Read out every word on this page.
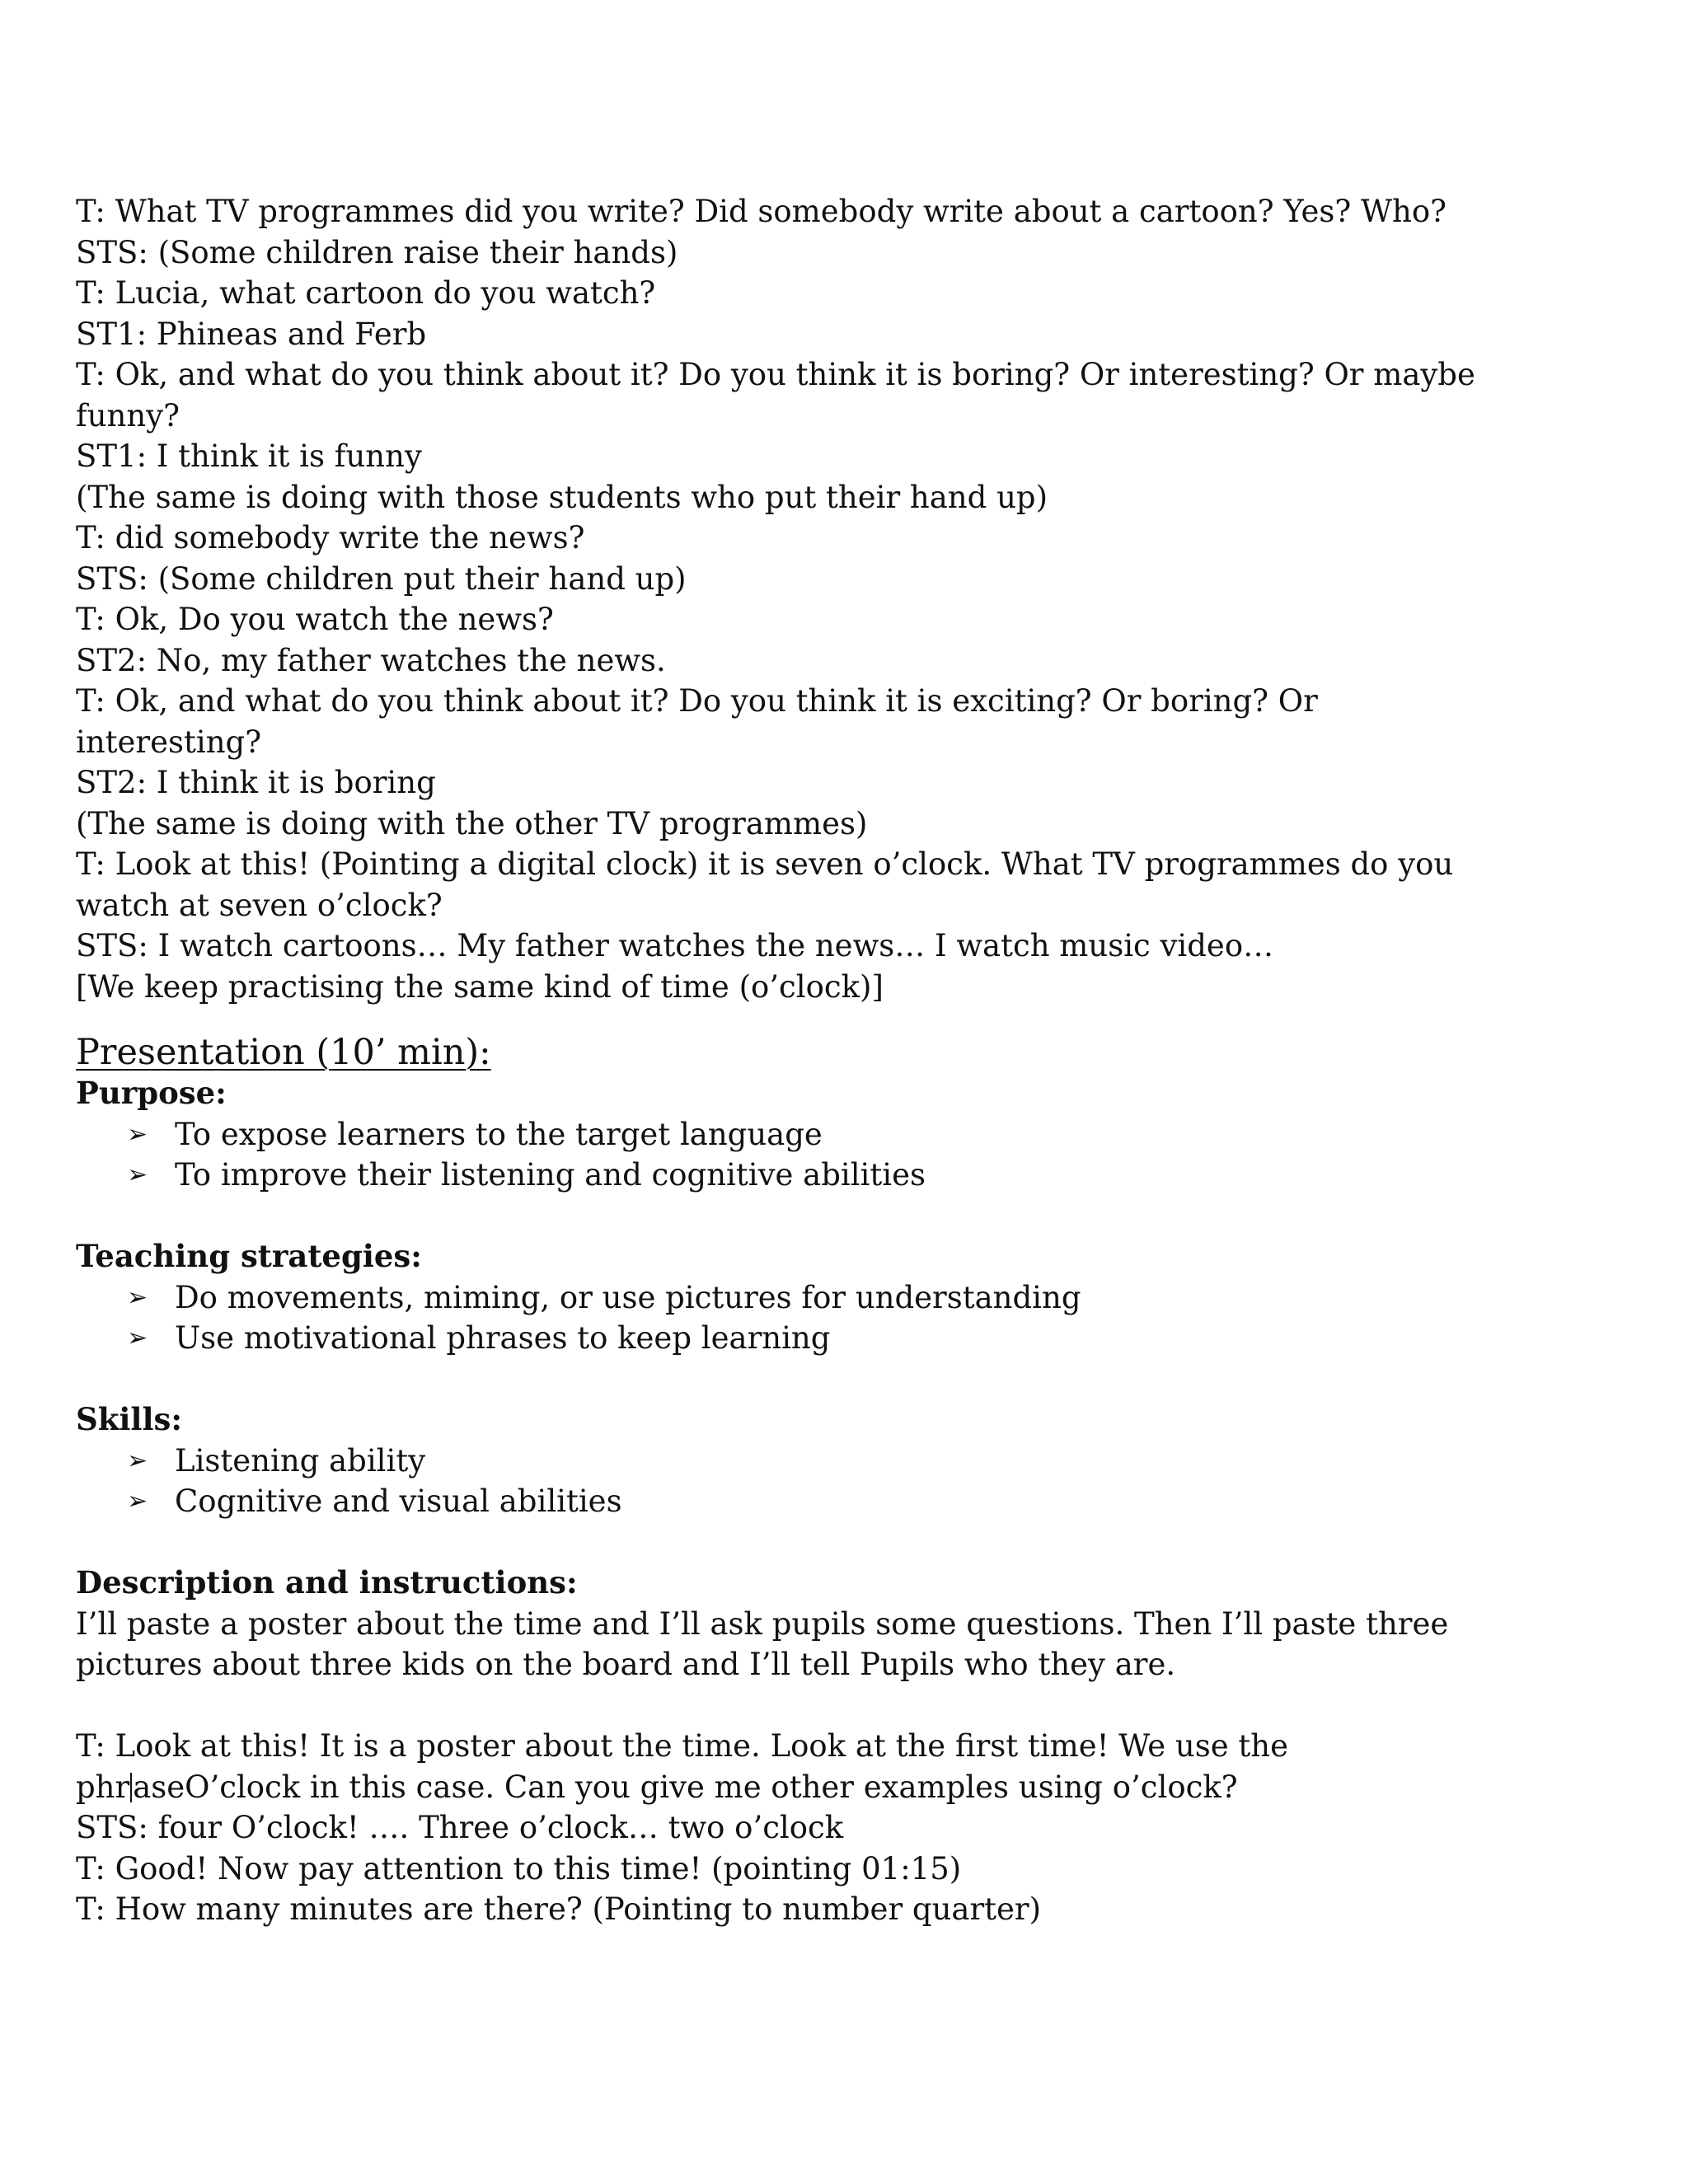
T: What TV programmes did you write? Did somebody write about a cartoon? Yes? Who?
STS: (Some children raise their hands)
T: Lucia, what cartoon do you watch?
ST1: Phineas and Ferb
T: Ok, and what do you think about it? Do you think it is boring? Or interesting? Or maybe
funny?
ST1: I think it is funny
(The same is doing with those students who put their hand up)
T: did somebody write the news?
STS: (Some children put their hand up)
T: Ok, Do you watch the news?
ST2: No, my father watches the news.
T: Ok, and what do you think about it? Do you think it is exciting? Or boring? Or
interesting?
ST2: I think it is boring
(The same is doing with the other TV programmes)
T: Look at this! (Pointing a digital clock) it is seven o’clock. What TV programmes do you
watch at seven o’clock?
STS: I watch cartoons… My father watches the news… I watch music video…
[We keep practising the same kind of time (o’clock)]
Presentation (10’ min):
Purpose:
➢ To expose learners to the target language
➢ To improve their listening and cognitive abilities
Teaching strategies:
➢ Do movements, miming, or use pictures for understanding
➢ Use motivational phrases to keep learning
Skills:
➢ Listening ability
➢ Cognitive and visual abilities
Description and instructions:
I’ll paste a poster about the time and I’ll ask pupils some questions. Then I’ll paste three
pictures about three kids on the board and I’ll tell Pupils who they are.
T: Look at this! It is a poster about the time. Look at the first time! We use the
phr aseO’clock in this case. Can you give me other examples using o’clock?
STS: four O’clock! …. Three o’clock… two o’clock
T: Good! Now pay attention to this time! (pointing 01:15)
T: How many minutes are there? (Pointing to number quarter)
